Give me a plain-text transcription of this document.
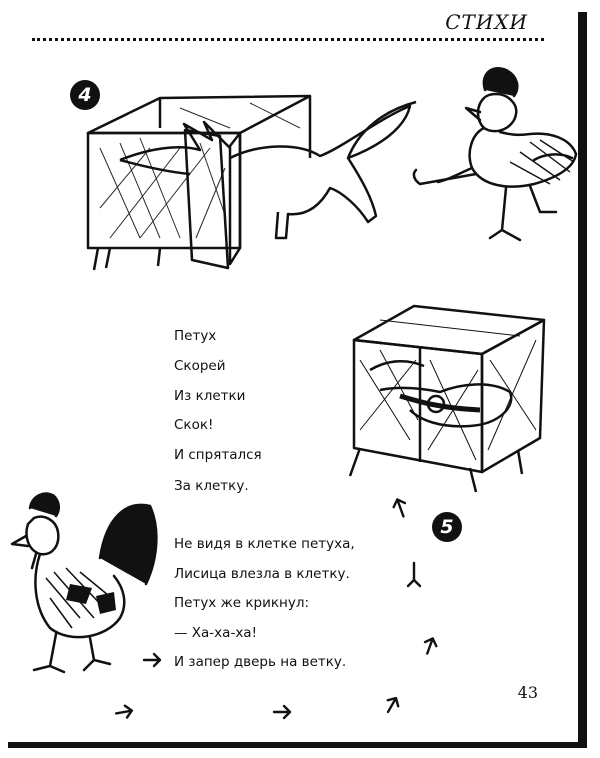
СТИХИ
4
Петух
Скорей
Из клетки
Скок!
И спрятался
За клетку.
5
Не видя в клетке петуха,
Лисица влезла в клетку.
Петух же крикнул:
— Ха-ха-ха!
И запер дверь на ветку.
43
